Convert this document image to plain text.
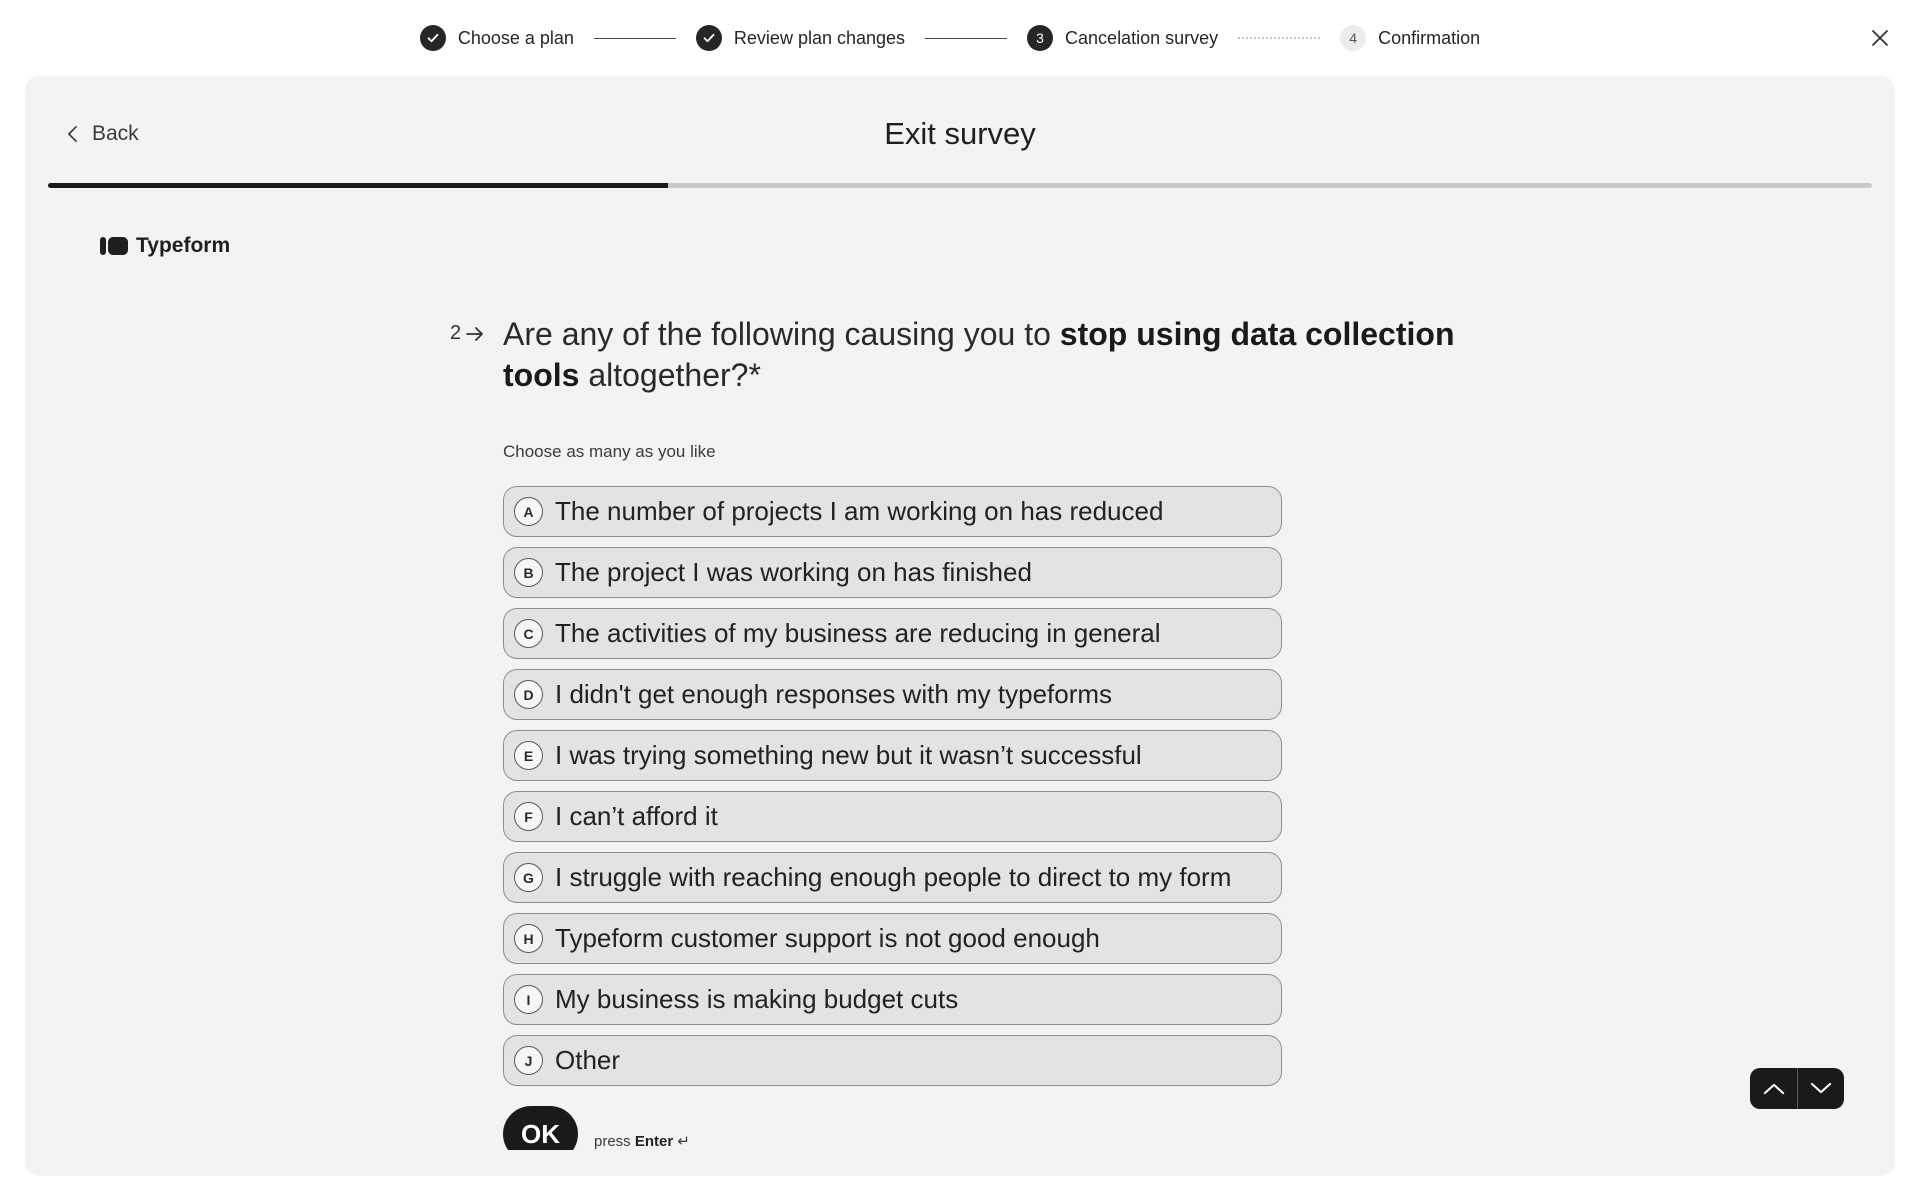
Choose a plan	Review plan changes	3	Cancelation survey	4	Confirmation
Back	Exit survey
Typeform
2 Are any of the following causing you to stop using data collection
tools altogether?*
Choose as many as you like
A The number of projects I am working on has reduced
B The project I was working on has finished
C The activities of my business are reducing in general
D I didn't get enough responses with my typeforms
E I was trying something new but it wasn’t successful
F I can’t afford it
G I struggle with reaching enough people to direct to my form
H Typeform customer support is not good enough
I My business is making budget cuts
J Other
OK	press Enter ↵
